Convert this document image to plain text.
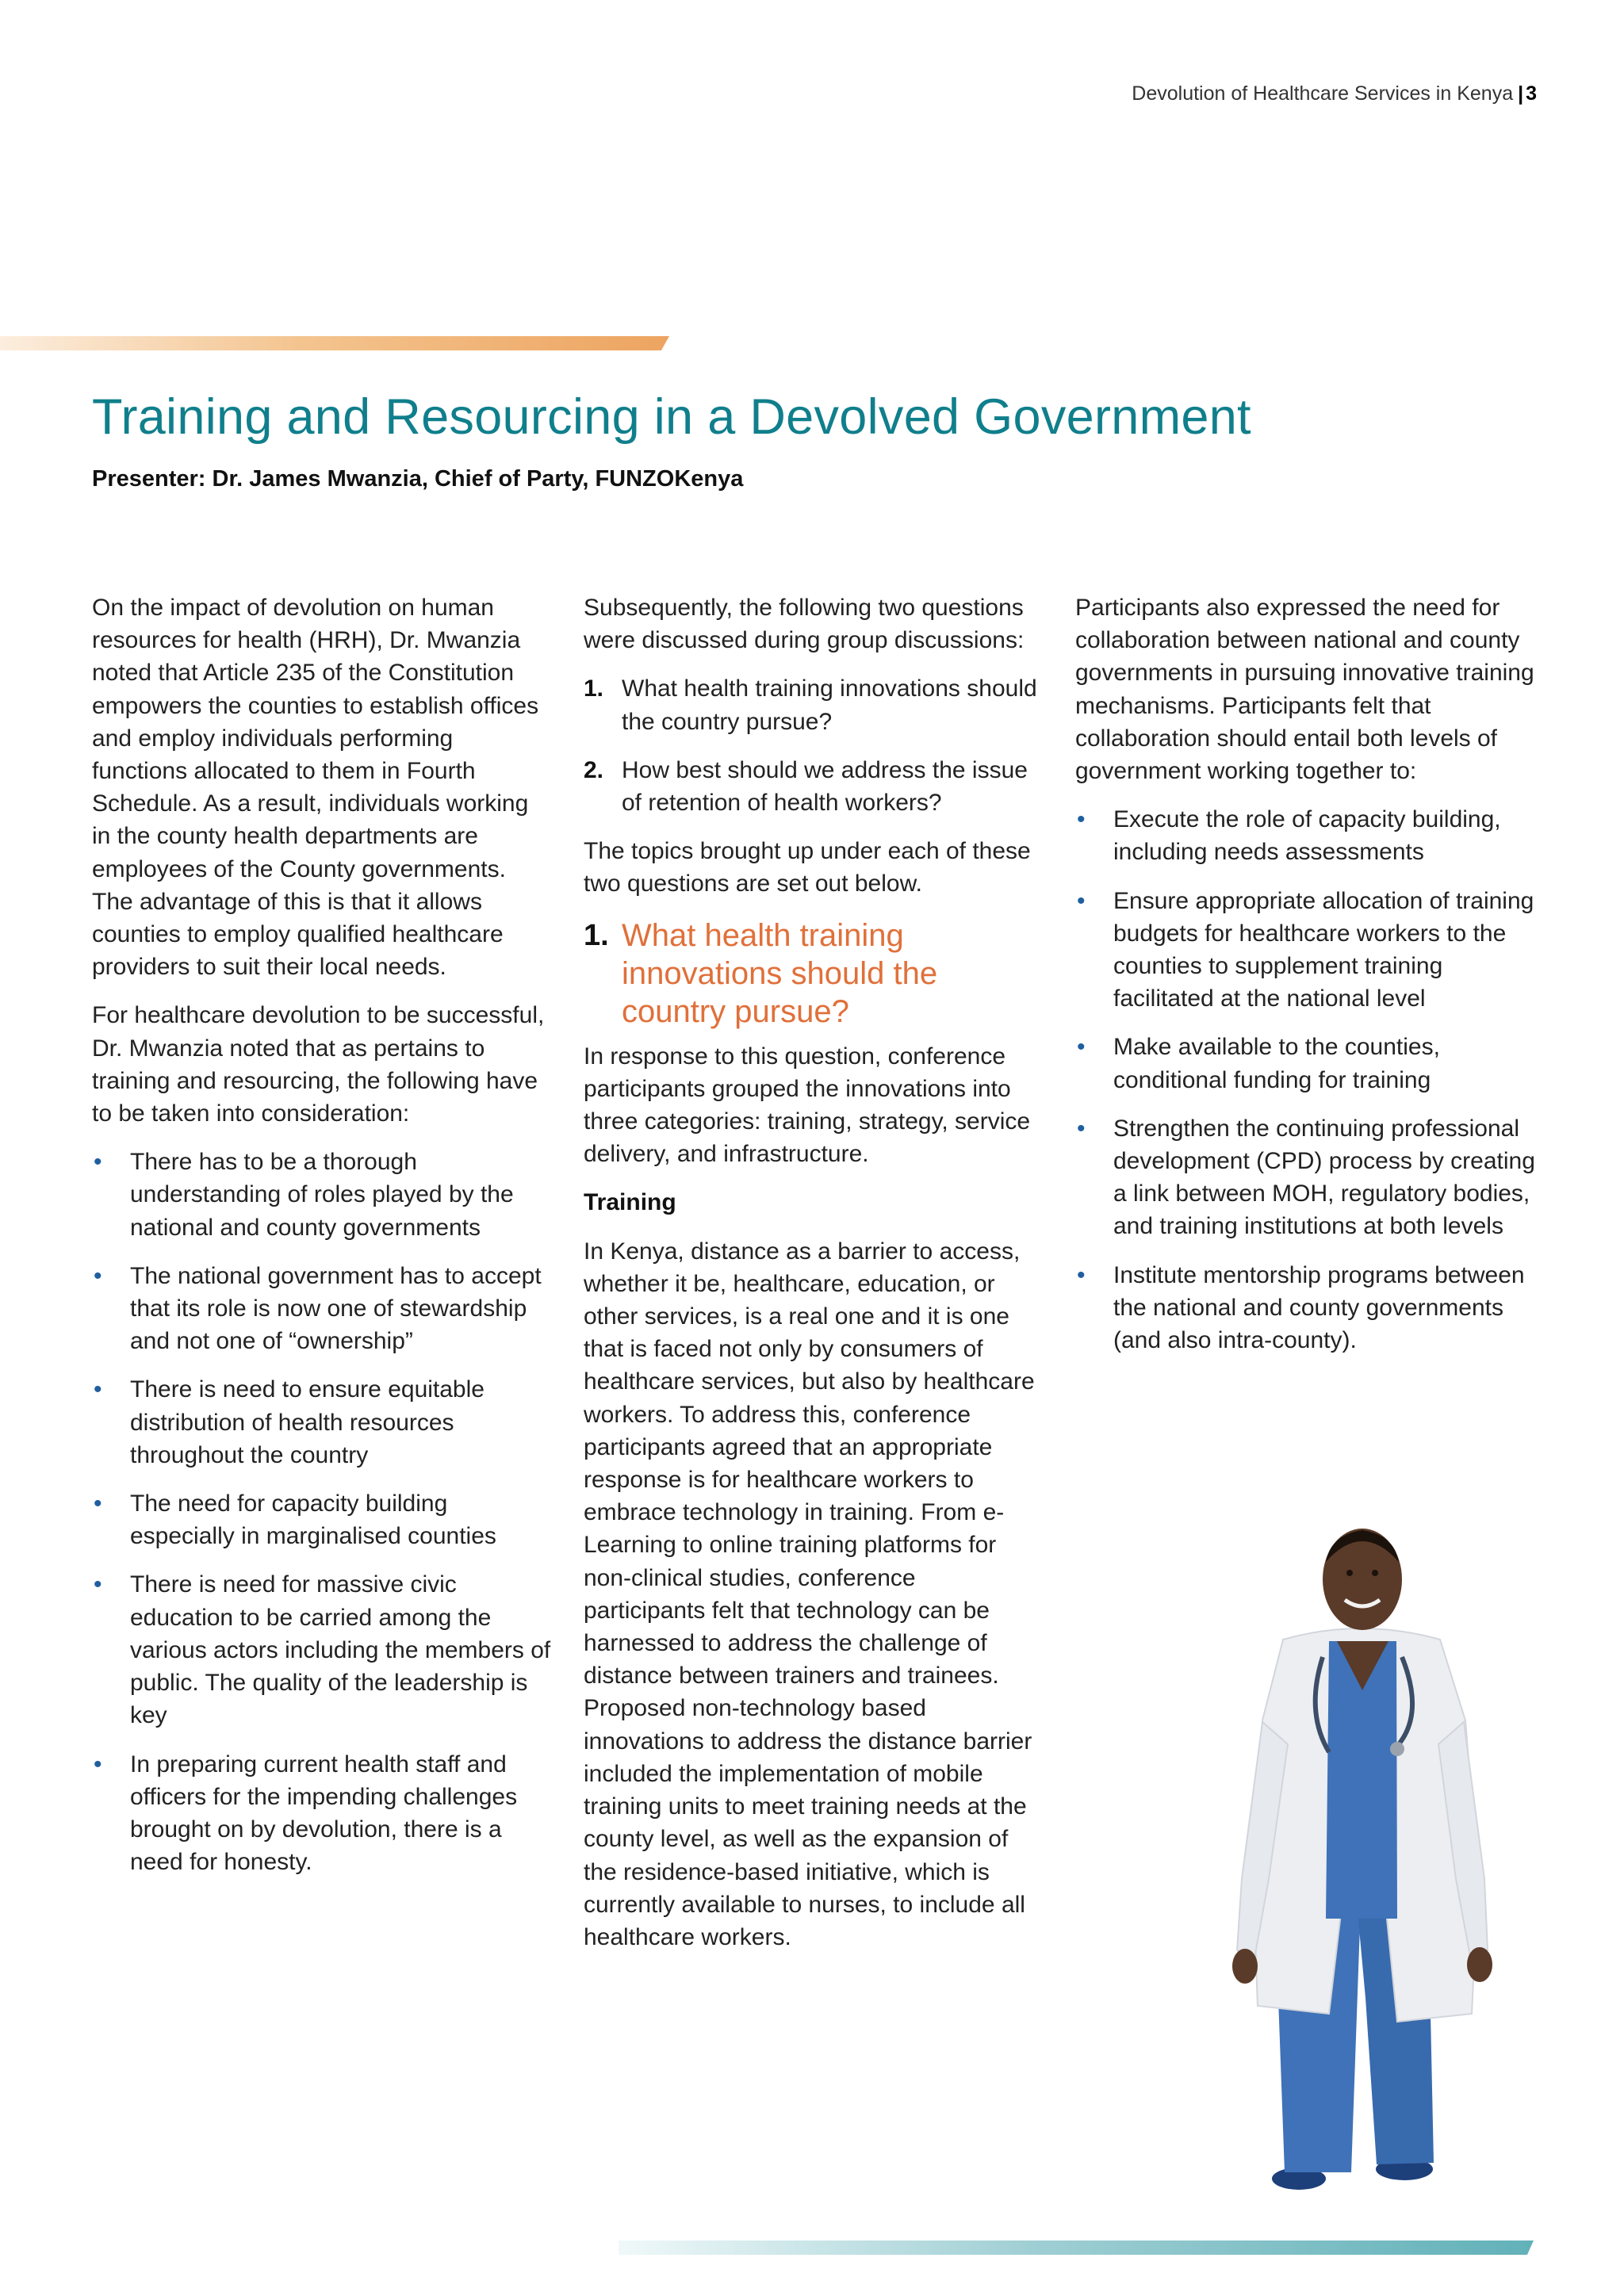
Devolution of Healthcare Services in Kenya | 3
Training and Resourcing in a Devolved Government

Presenter: Dr. James Mwanzia, Chief of Party, FUNZOKenya

On the impact of devolution on human resources for health (HRH), Dr. Mwanzia noted that Article 235 of the Constitution empowers the counties to establish offices and employ individuals performing functions allocated to them in Fourth Schedule. As a result, individuals working in the county health departments are employees of the County governments. The advantage of this is that it allows counties to employ qualified healthcare providers to suit their local needs.

For healthcare devolution to be successful, Dr. Mwanzia noted that as pertains to training and resourcing, the following have to be taken into consideration:

• There has to be a thorough understanding of roles played by the national and county governments
• The national government has to accept that its role is now one of stewardship and not one of “ownership”
• There is need to ensure equitable distribution of health resources throughout the country
• The need for capacity building especially in marginalised counties
• There is need for massive civic education to be carried among the various actors including the members of public. The quality of the leadership is key
• In preparing current health staff and officers for the impending challenges brought on by devolution, there is a need for honesty.

Subsequently, the following two questions were discussed during group discussions:

1. What health training innovations should the country pursue?
2. How best should we address the issue of retention of health workers?

The topics brought up under each of these two questions are set out below.

1. What health training innovations should the country pursue?

In response to this question, conference participants grouped the innovations into three categories: training, strategy, service delivery, and infrastructure.

Training

In Kenya, distance as a barrier to access, whether it be, healthcare, education, or other services, is a real one and it is one that is faced not only by consumers of healthcare services, but also by healthcare workers. To address this, conference participants agreed that an appropriate response is for healthcare workers to embrace technology in training. From e-Learning to online training platforms for non-clinical studies, conference participants felt that technology can be harnessed to address the challenge of distance between trainers and trainees. Proposed non-technology based innovations to address the distance barrier included the implementation of mobile training units to meet training needs at the county level, as well as the expansion of the residence-based initiative, which is currently available to nurses, to include all healthcare workers.

Participants also expressed the need for collaboration between national and county governments in pursuing innovative training mechanisms. Participants felt that collaboration should entail both levels of government working together to:

• Execute the role of capacity building, including needs assessments
• Ensure appropriate allocation of training budgets for healthcare workers to the counties to supplement training facilitated at the national level
• Make available to the counties, conditional funding for training
• Strengthen the continuing professional development (CPD) process by creating a link between MOH, regulatory bodies, and training institutions at both levels
• Institute mentorship programs between the national and county governments (and also intra-county).
